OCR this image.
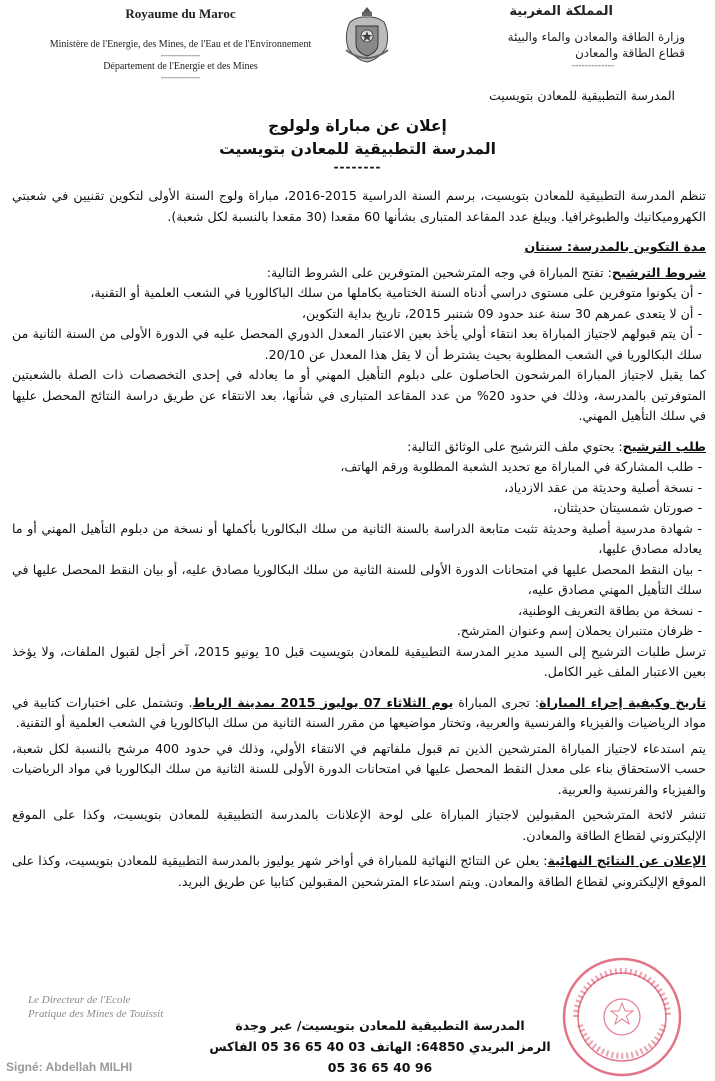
Royaume du Maroc
Ministère de l'Energie, des Mines, de l'Eau et de l'Environnement
-------------
Département de l'Energie et des Mines
-------------
المملكة المغربية
وزارة الطاقة والمعادن والماء والبيئة
قطاع الطاقة والمعادن
-------------
المدرسة التطبيقية للمعادن بتويسيت
إعلان عن مباراة ولولوج
المدرسة التطبيقية للمعادن بتويسيت
--------

تنظم المدرسة التطبيقية للمعادن بتويسيت، برسم السنة الدراسية 2015-2016، مباراة ولوج السنة الأولى لتكوين تقنيين في شعبتي الكهروميكانيك والطبوغرافيا. ويبلغ عدد المقاعد المتبارى بشأنها 60 مقعدا (30 مقعدا بالنسبة لكل شعبة).

مدة التكوين بالمدرسة: سنتان

شروط الترشيح: تفتح المباراة في وجه المترشحين المتوفرين على الشروط التالية:

- أن يكونوا متوفرين على مستوى دراسي أدناه السنة الختامية بكاملها من سلك الباكالوريا في الشعب العلمية أو التقنية،
- أن لا يتعدى عمرهم 30 سنة عند حدود 09 شتنبر 2015، تاريخ بداية التكوين،
- أن يتم قبولهم لاجتياز المباراة بعد انتقاء أولي يأخذ بعين الاعتبار المعدل الدوري المحصل عليه في الدورة الأولى من السنة الثانية من سلك البكالوريا في الشعب المطلوبة بحيث يشترط أن لا يقل هذا المعدل عن 20/10.

كما يقبل لاجتياز المباراة المرشحون الحاصلون على دبلوم التأهيل المهني أو ما يعادله في إحدى التخصصات ذات الصلة بالشعبتين المتوفرتين بالمدرسة، وذلك في حدود 20% من عدد المقاعد المتبارى في شأنها، بعد الانتقاء عن طريق دراسة النتائج المحصل عليها في سلك التأهيل المهني.

طلب الترشيح: يحتوي ملف الترشيح على الوثائق التالية:

- طلب المشاركة في المباراة مع تحديد الشعبة المطلوبة ورقم الهاتف،
- نسخة أصلية وحديثة من عقد الازدياد،
- صورتان شمسيتان حديثتان،
- شهادة مدرسية أصلية وحديثة تثبت متابعة الدراسة بالسنة الثانية من سلك البكالوريا بأكملها أو نسخة من دبلوم التأهيل المهني أو ما يعادله مصادق عليها،
- بيان النقط المحصل عليها في امتحانات الدورة الأولى للسنة الثانية من سلك البكالوريا مصادق عليه، أو بيان النقط المحصل عليها في سلك التأهيل المهني مصادق عليه،
- نسخة من بطاقة التعريف الوطنية،
- ظرفان متنبران يحملان إسم وعنوان المترشح.

ترسل طلبات الترشيح إلى السيد مدير المدرسة التطبيقية للمعادن بتويسيت قبل 10 يونيو 2015، آخر أجل لقبول الملفات، ولا يؤخذ بعين الاعتبار الملف غير الكامل.

تاريخ وكيفية إجراء المباراة: تجرى المباراة يوم الثلاثاء 07 يوليوز 2015 بمدينة الرباط. وتشتمل على اختبارات كتابية في مواد الرياضيات والفيزياء والفرنسية والعربية، وتختار مواضيعها من مقرر السنة الثانية من سلك الباكالوريا في الشعب العلمية أو التقنية.

يتم استدعاء لاجتياز المباراة المترشحين الذين تم قبول ملفاتهم في الانتقاء الأولي، وذلك في حدود 400 مرشح بالنسبة لكل شعبة، حسب الاستحقاق بناء على معدل النقط المحصل عليها في امتحانات الدورة الأولى للسنة الثانية من سلك البكالوريا في مواد الرياضيات والفيزياء والفرنسية والعربية.

تنشر لائحة المترشحين المقبولين لاجتياز المباراة على لوحة الإعلانات بالمدرسة التطبيقية للمعادن بتويسيت، وكذا على الموقع الإليكتروني لقطاع الطاقة والمعادن.

الإعلان عن النتائج النهائية: يعلن عن النتائج النهائية للمباراة في أواخر شهر يوليوز بالمدرسة التطبيقية للمعادن بتويسيت، وكذا على الموقع الإليكتروني لقطاع الطاقة والمعادن. ويتم استدعاء المترشحين المقبولين كتابيا عن طريق البريد.

Le Directeur de l'Ecole
Pratique des Mines de Touissit
Signé: Abdellah MILHI
المدرسة التطبيقية للمعادن بتويسيت/ عبر وجدة
الرمز البريدي 64850: الهاتف 03 40 65 36 05 الفاكس 96 40 65 36 05
